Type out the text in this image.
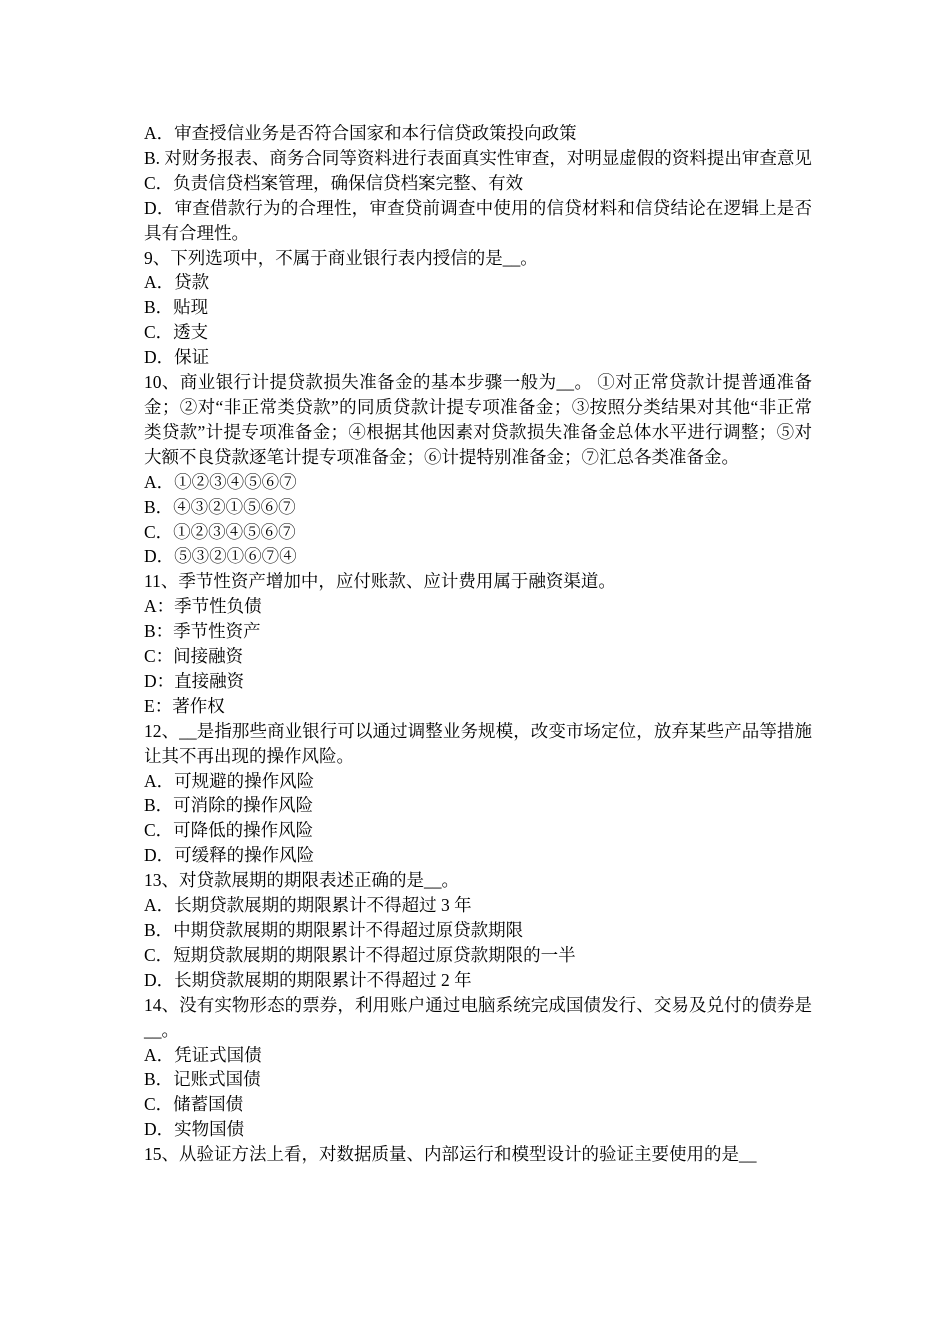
A．审查授信业务是否符合国家和本行信贷政策投向政策
B. 对财务报表、商务合同等资料进行表面真实性审查，对明显虚假的资料提出审查意见
C．负责信贷档案管理，确保信贷档案完整、有效
D．审查借款行为的合理性，审查贷前调查中使用的信贷材料和信贷结论在逻辑上是否具有合理性。
9、下列选项中，不属于商业银行表内授信的是__。
A．贷款
B．贴现
C．透支
D．保证
10、商业银行计提贷款损失准备金的基本步骤一般为__。 ①对正常贷款计提普通准备金；②对“非正常类贷款”的同质贷款计提专项准备金；③按照分类结果对其他“非正常类贷款”计提专项准备金；④根据其他因素对贷款损失准备金总体水平进行调整；⑤对大额不良贷款逐笔计提专项准备金；⑥计提特别准备金；⑦汇总各类准备金。
A．①②③④⑤⑥⑦
B．④③②①⑤⑥⑦
C．①②③④⑤⑥⑦
D．⑤③②①⑥⑦④
11、季节性资产增加中，应付账款、应计费用属于融资渠道。
A：季节性负债
B：季节性资产
C：间接融资
D：直接融资
E：著作权
12、__是指那些商业银行可以通过调整业务规模，改变市场定位，放弃某些产品等措施让其不再出现的操作风险。
A．可规避的操作风险
B．可消除的操作风险
C．可降低的操作风险
D．可缓释的操作风险
13、对贷款展期的期限表述正确的是__。
A．长期贷款展期的期限累计不得超过 3 年
B．中期贷款展期的期限累计不得超过原贷款期限
C．短期贷款展期的期限累计不得超过原贷款期限的一半
D．长期贷款展期的期限累计不得超过 2 年
14、没有实物形态的票券，利用账户通过电脑系统完成国债发行、交易及兑付的债券是__。
A．凭证式国债
B．记账式国债
C．储蓄国债
D．实物国债
15、从验证方法上看，对数据质量、内部运行和模型设计的验证主要使用的是__
